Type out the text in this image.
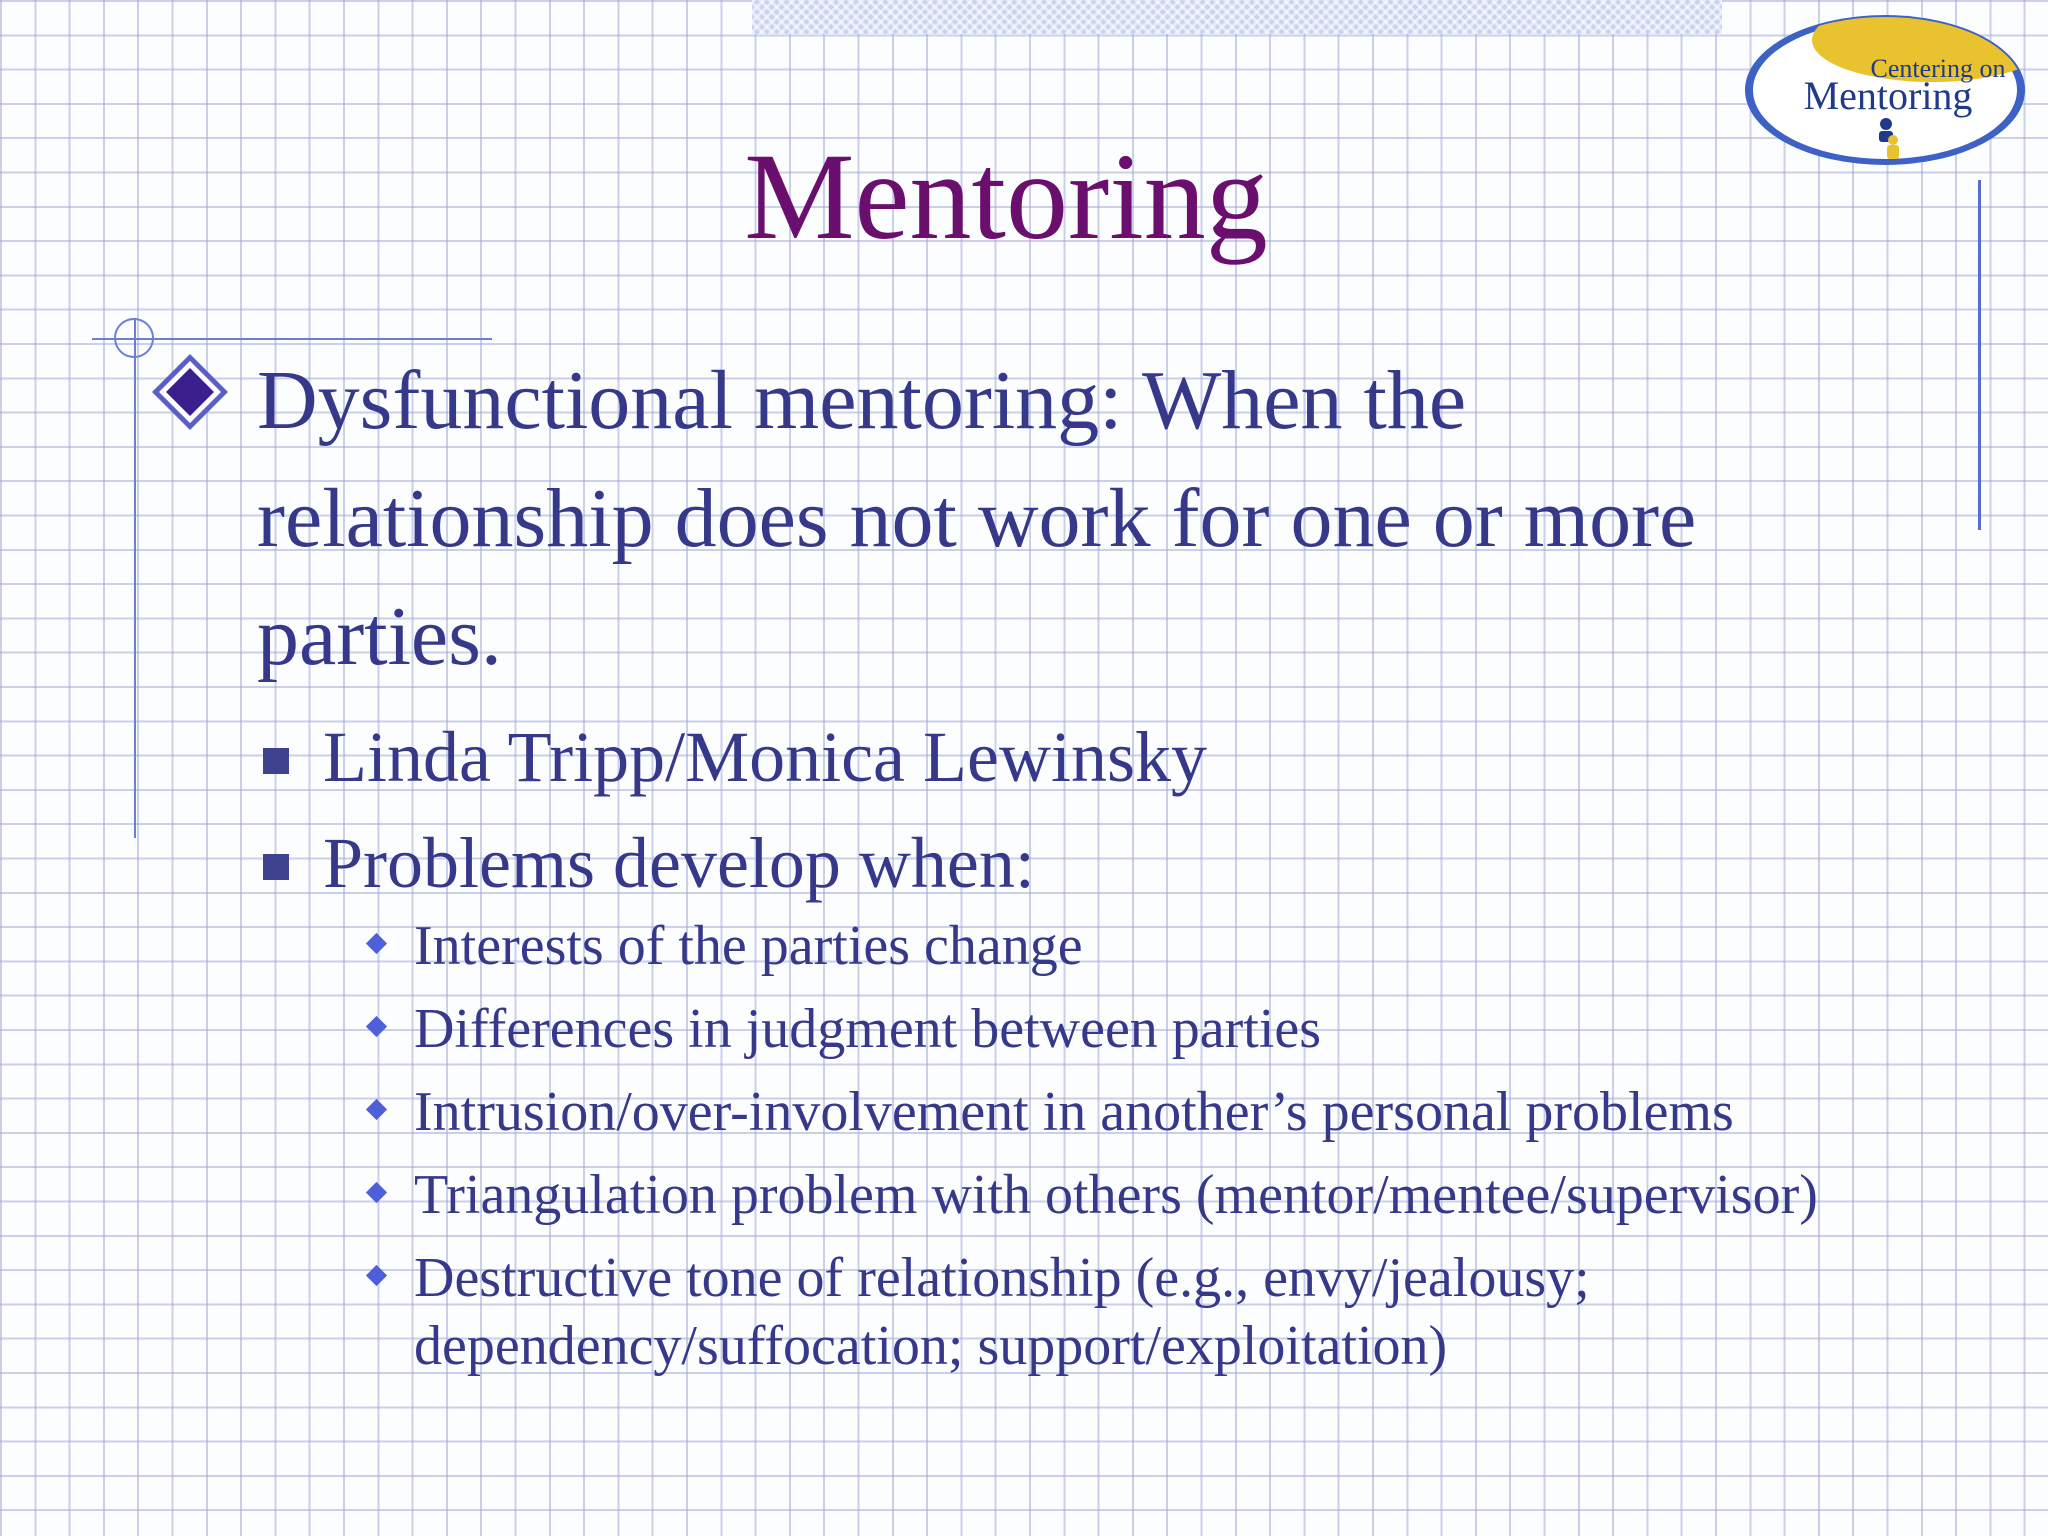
Centering on
Mentoring
Mentoring

Dysfunctional mentoring: When the relationship does not work for one or more parties.

Linda Tripp/Monica Lewinsky
Problems develop when:
Interests of the parties change
Differences in judgment between parties
Intrusion/over-involvement in another’s personal problems
Triangulation problem with others (mentor/mentee/supervisor)
Destructive tone of relationship (e.g., envy/jealousy; dependency/suffocation; support/exploitation)
